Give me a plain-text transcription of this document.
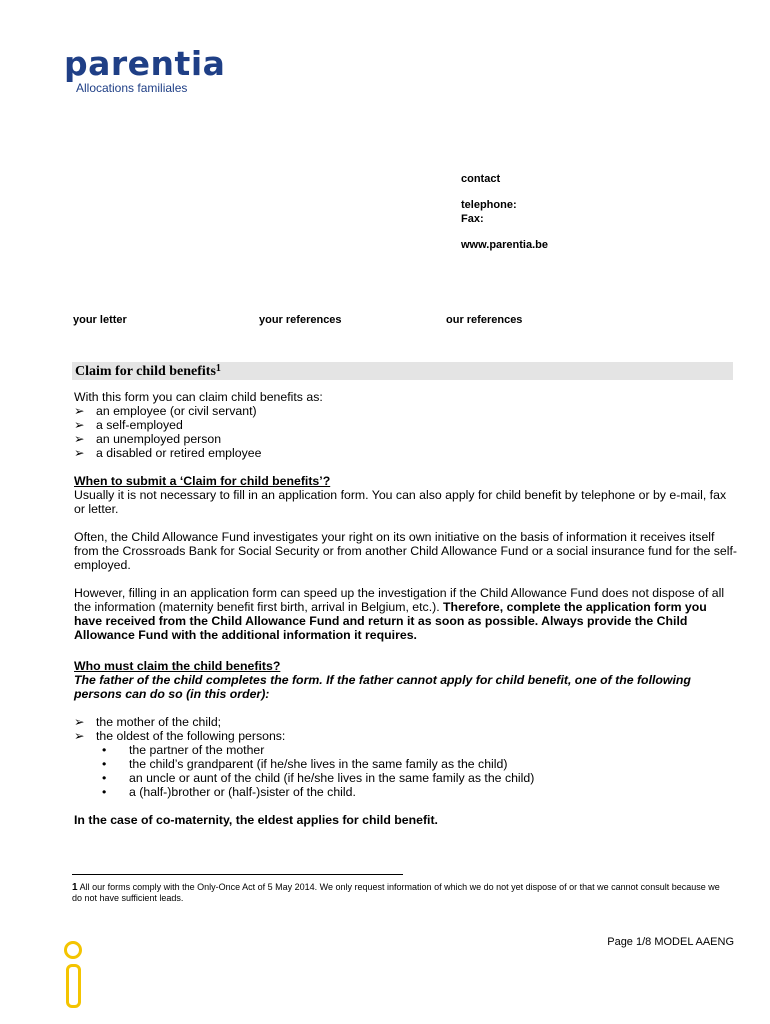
parentia
Allocations familiales
contact
telephone:
Fax:
www.parentia.be
your letter	your references	our references
Claim for child benefits$^1$
With this form you can claim child benefits as:
➢ an employee (or civil servant)
➢ a self-employed
➢ an unemployed person
➢ a disabled or retired employee
When to submit a ‘Claim for child benefits’?
Usually it is not necessary to fill in an application form. You can also apply for child benefit by telephone or by e-mail, fax or letter.
Often, the Child Allowance Fund investigates your right on its own initiative on the basis of information it receives itself from the Crossroads Bank for Social Security or from another Child Allowance Fund or a social insurance fund for the self-employed.
However, filling in an application form can speed up the investigation if the Child Allowance Fund does not dispose of all the information (maternity benefit first birth, arrival in Belgium, etc.). Therefore, complete the application form you have received from the Child Allowance Fund and return it as soon as possible. Always provide the Child Allowance Fund with the additional information it requires.
Who must claim the child benefits?
The father of the child completes the form. If the father cannot apply for child benefit, one of the following persons can do so (in this order):
➢ the mother of the child;
➢ the oldest of the following persons:
• the partner of the mother
• the child’s grandparent (if he/she lives in the same family as the child)
• an uncle or aunt of the child (if he/she lives in the same family as the child)
• a (half-)brother or (half-)sister of the child.
In the case of co-maternity, the eldest applies for child benefit.
$^1$ All our forms comply with the Only-Once Act of 5 May 2014. We only request information of which we do not yet dispose of or that we cannot consult because we do not have sufficient leads.
Page 1/8 MODEL AAENG
